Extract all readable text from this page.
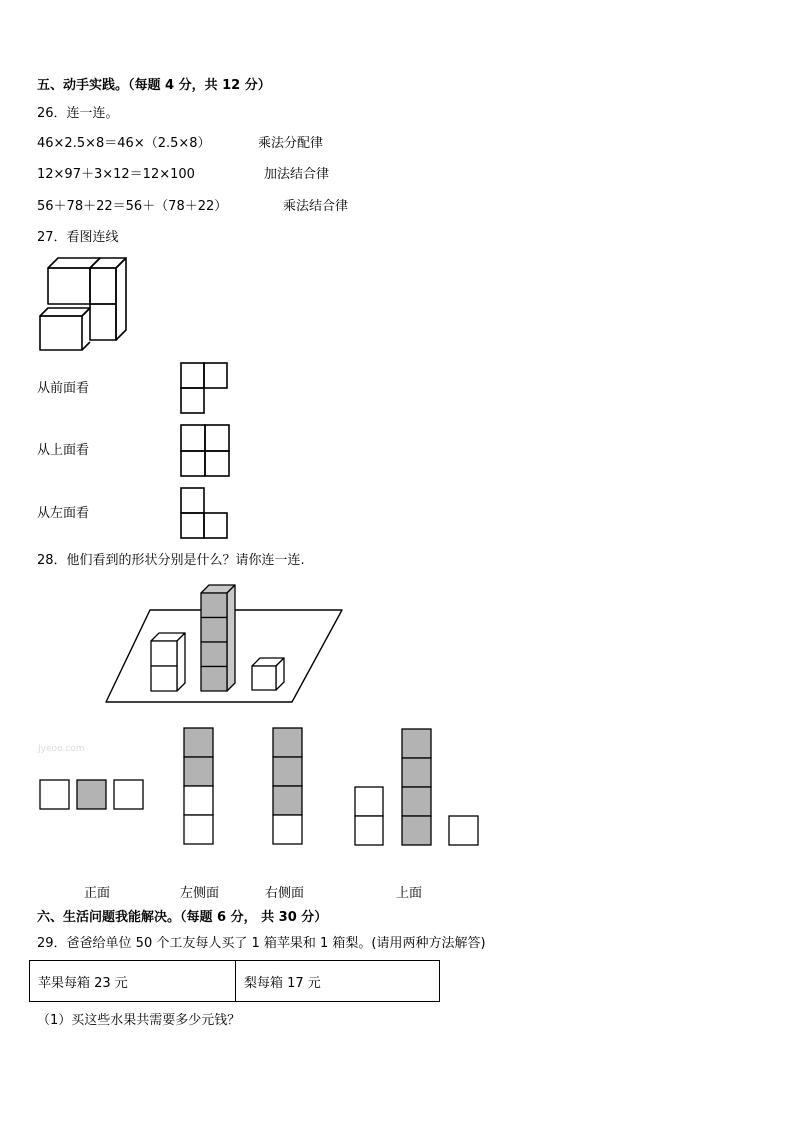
五、动手实践。（每题 4 分，共 12 分）
26．连一连。
46×2.5×8＝46×（2.5×8）	乘法分配律
12×97＋3×12＝12×100	加法结合律
56＋78＋22＝56＋（78＋22）	乘法结合律
27．看图连线
从前面看
从上面看
从左面看
28．他们看到的形状分别是什么？请你连一连.
Jyeoo.com
正面	左侧面	右侧面	上面
六、生活问题我能解决。（每题 6 分， 共 30 分）
29．爸爸给单位 50 个工友每人买了 1 箱苹果和 1 箱梨。(请用两种方法解答)
苹果每箱 23 元	梨每箱 17 元
（1）买这些水果共需要多少元钱？
